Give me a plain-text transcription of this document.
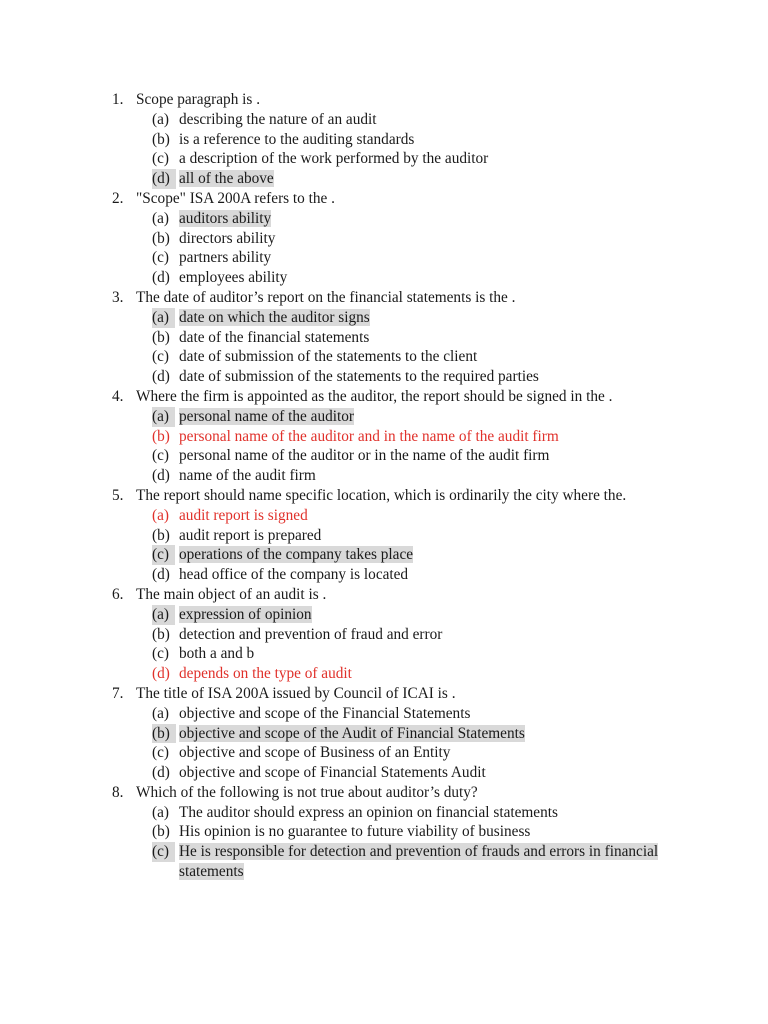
1. Scope paragraph is .
(a) describing the nature of an audit
(b) is a reference to the auditing standards
(c) a description of the work performed by the auditor
(d) all of the above
2. "Scope" ISA 200A refers to the .
(a) auditors ability
(b) directors ability
(c) partners ability
(d) employees ability
3. The date of auditor’s report on the financial statements is the .
(a) date on which the auditor signs
(b) date of the financial statements
(c) date of submission of the statements to the client
(d) date of submission of the statements to the required parties
4. Where the firm is appointed as the auditor, the report should be signed in the .
(a) personal name of the auditor
(b) personal name of the auditor and in the name of the audit firm
(c) personal name of the auditor or in the name of the audit firm
(d) name of the audit firm
5. The report should name specific location, which is ordinarily the city where the.
(a) audit report is signed
(b) audit report is prepared
(c) operations of the company takes place
(d) head office of the company is located
6. The main object of an audit is .
(a) expression of opinion
(b) detection and prevention of fraud and error
(c) both a and b
(d) depends on the type of audit
7. The title of ISA 200A issued by Council of ICAI is .
(a) objective and scope of the Financial Statements
(b) objective and scope of the Audit of Financial Statements
(c) objective and scope of Business of an Entity
(d) objective and scope of Financial Statements Audit
8. Which of the following is not true about auditor’s duty?
(a) The auditor should express an opinion on financial statements
(b) His opinion is no guarantee to future viability of business
(c) He is responsible for detection and prevention of frauds and errors in financial statements
